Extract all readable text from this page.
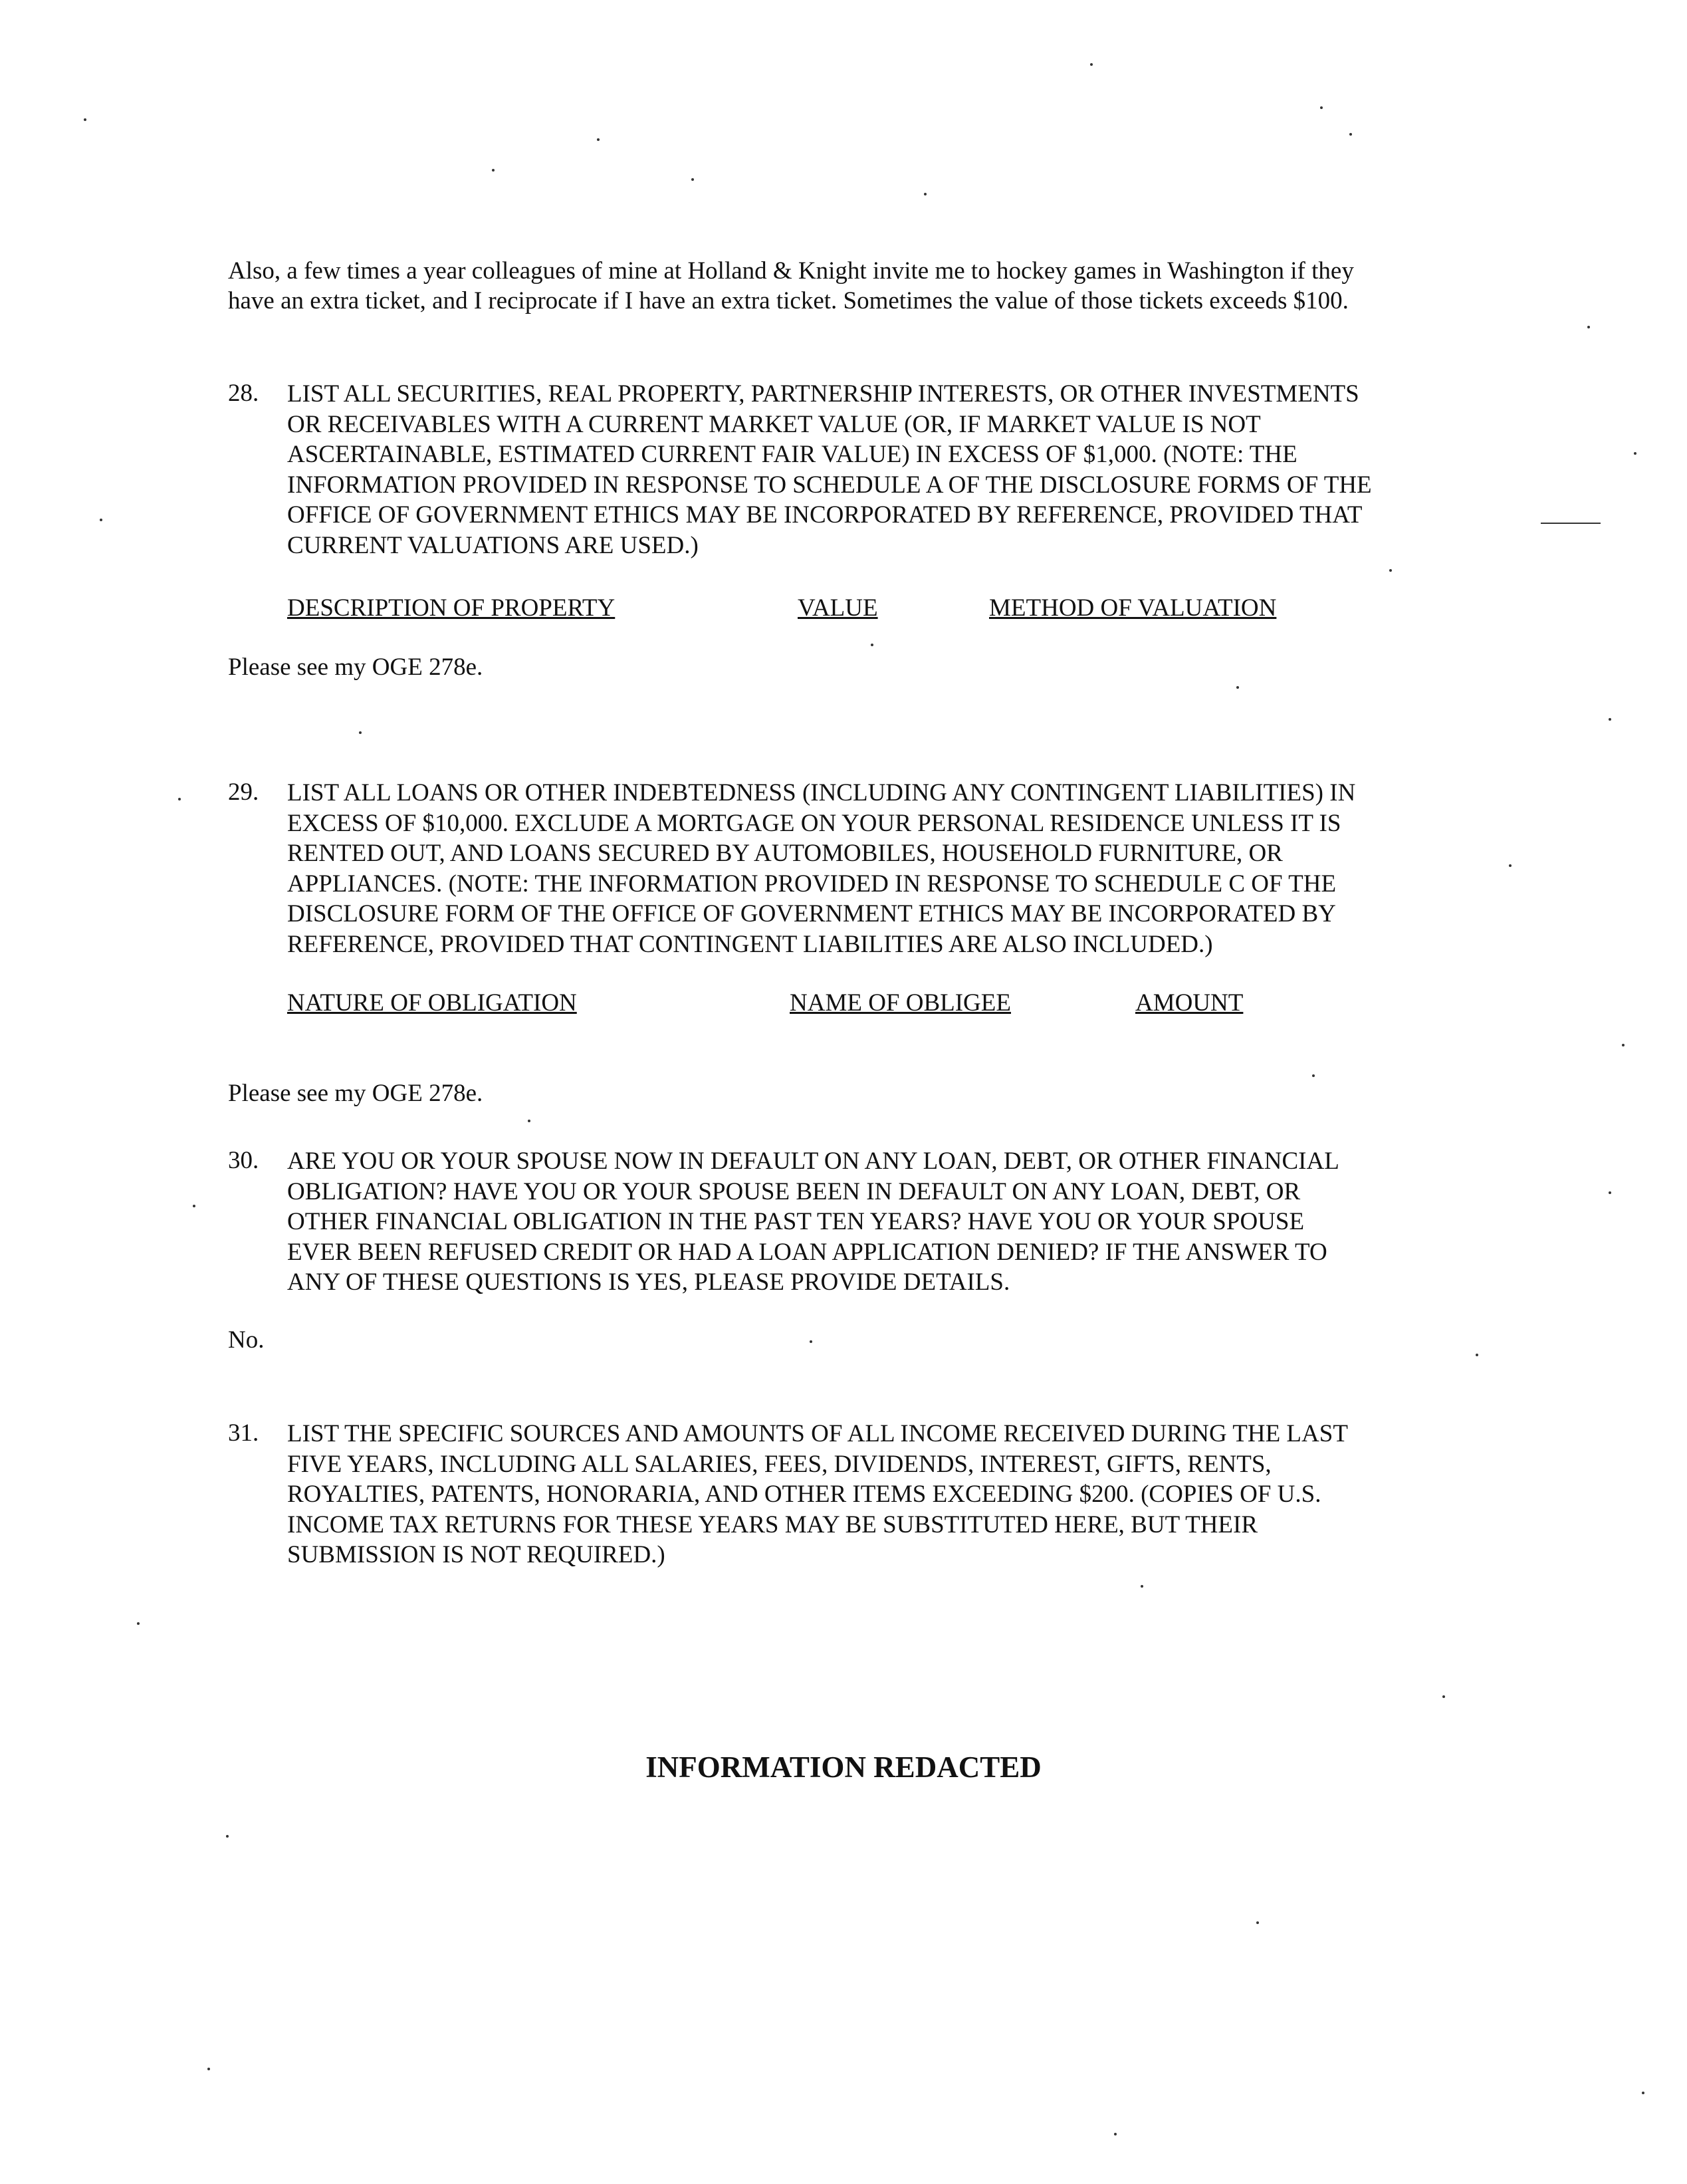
Also, a few times a year colleagues of mine at Holland & Knight invite me to hockey games in Washington if they

have an extra ticket, and I reciprocate if I have an extra ticket. Sometimes the value of those tickets exceeds $100.

28. LIST ALL SECURITIES, REAL PROPERTY, PARTNERSHIP INTERESTS, OR OTHER INVESTMENTS
OR RECEIVABLES WITH A CURRENT MARKET VALUE (OR, IF MARKET VALUE IS NOT
ASCERTAINABLE, ESTIMATED CURRENT FAIR VALUE) IN EXCESS OF $1,000. (NOTE: THE
INFORMATION PROVIDED IN RESPONSE TO SCHEDULE A OF THE DISCLOSURE FORMS OF THE
OFFICE OF GOVERNMENT ETHICS MAY BE INCORPORATED BY REFERENCE, PROVIDED THAT
CURRENT VALUATIONS ARE USED.)
DESCRIPTION OF PROPERTY	VALUE	METHOD OF VALUATION
Please see my OGE 278e.
29. LIST ALL LOANS OR OTHER INDEBTEDNESS (INCLUDING ANY CONTINGENT LIABILITIES) IN
EXCESS OF $10,000. EXCLUDE A MORTGAGE ON YOUR PERSONAL RESIDENCE UNLESS IT IS
RENTED OUT, AND LOANS SECURED BY AUTOMOBILES, HOUSEHOLD FURNITURE, OR
APPLIANCES. (NOTE: THE INFORMATION PROVIDED IN RESPONSE TO SCHEDULE C OF THE
DISCLOSURE FORM OF THE OFFICE OF GOVERNMENT ETHICS MAY BE INCORPORATED BY
REFERENCE, PROVIDED THAT CONTINGENT LIABILITIES ARE ALSO INCLUDED.)
NATURE OF OBLIGATION	NAME OF OBLIGEE	AMOUNT
Please see my OGE 278e.
30. ARE YOU OR YOUR SPOUSE NOW IN DEFAULT ON ANY LOAN, DEBT, OR OTHER FINANCIAL
OBLIGATION? HAVE YOU OR YOUR SPOUSE BEEN IN DEFAULT ON ANY LOAN, DEBT, OR
OTHER FINANCIAL OBLIGATION IN THE PAST TEN YEARS? HAVE YOU OR YOUR SPOUSE
EVER BEEN REFUSED CREDIT OR HAD A LOAN APPLICATION DENIED? IF THE ANSWER TO
ANY OF THESE QUESTIONS IS YES, PLEASE PROVIDE DETAILS.
No.
31. LIST THE SPECIFIC SOURCES AND AMOUNTS OF ALL INCOME RECEIVED DURING THE LAST
FIVE YEARS, INCLUDING ALL SALARIES, FEES, DIVIDENDS, INTEREST, GIFTS, RENTS,
ROYALTIES, PATENTS, HONORARIA, AND OTHER ITEMS EXCEEDING $200. (COPIES OF U.S.
INCOME TAX RETURNS FOR THESE YEARS MAY BE SUBSTITUTED HERE, BUT THEIR
SUBMISSION IS NOT REQUIRED.)
INFORMATION REDACTED
